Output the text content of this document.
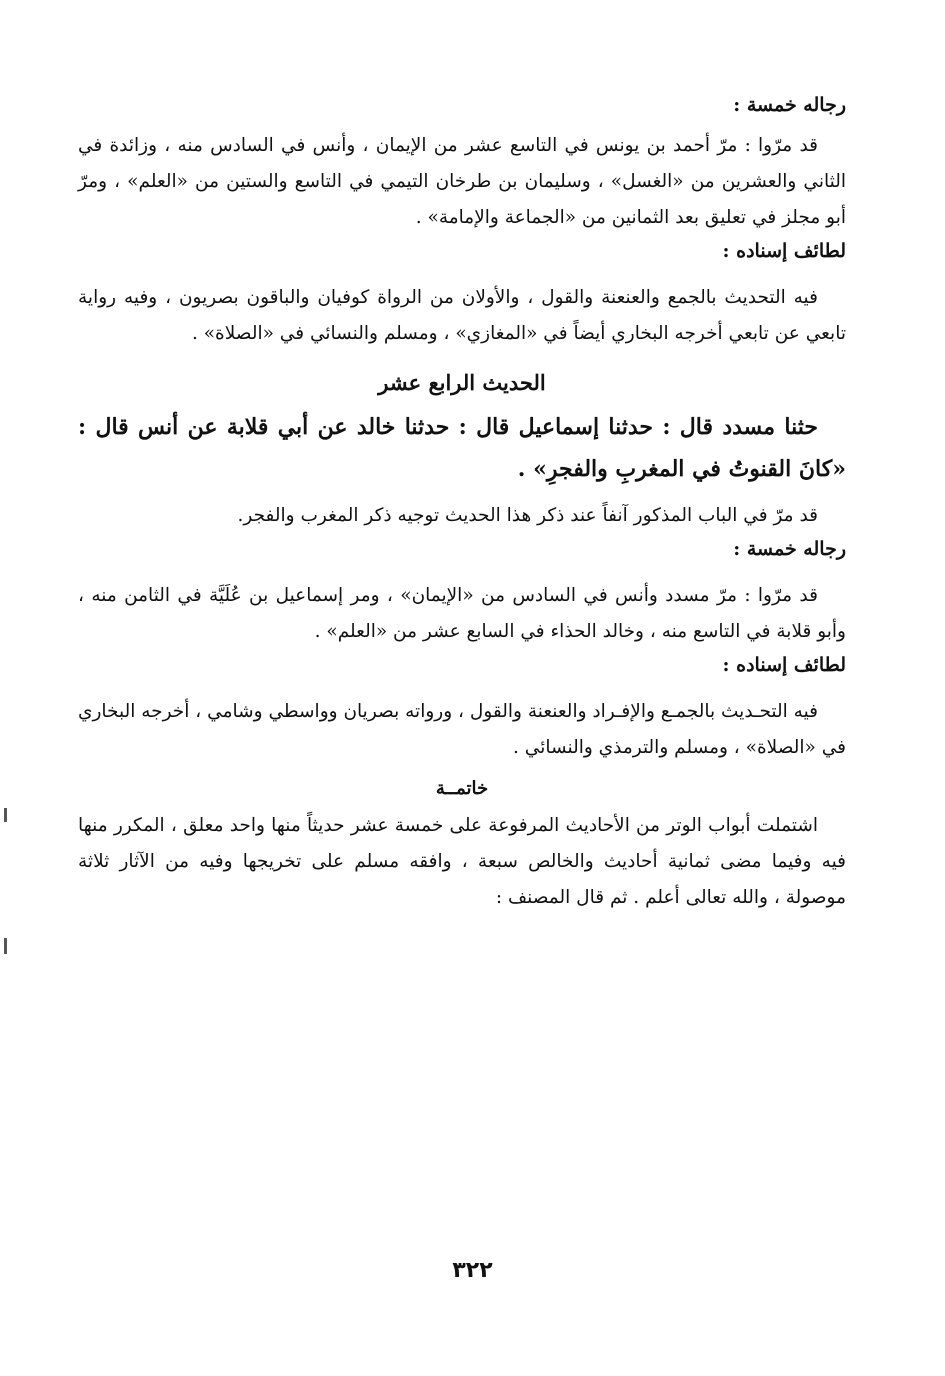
رجاله خمسة :

قد مرّوا : مرّ أحمد بن يونس في التاسع عشر من الإيمان ، وأنس في السادس منه ، وزائدة في الثاني والعشرين من «الغسل» ، وسليمان بن طرخان التيمي في التاسع والستين من «العلم» ، ومرّ أبو مجلز في تعليق بعد الثمانين من «الجماعة والإمامة» .

لطائف إسناده :

فيه التحديث بالجمع والعنعنة والقول ، والأولان من الرواة كوفيان والباقون بصريون ، وفيه رواية تابعي عن تابعي أخرجه البخاري أيضاً في «المغازي» ، ومسلم والنسائي في «الصلاة» .

الحديث الرابع عشر

حثنا مسدد قال : حدثنا إسماعيل قال : حدثنا خالد عن أبي قلابة عن أنس قال : «كانَ القنوتُ في المغربِ والفجرِ» .

قد مرّ في الباب المذكور آنفاً عند ذكر هذا الحديث توجيه ذكر المغرب والفجر.

رجاله خمسة :

قد مرّوا : مرّ مسدد وأنس في السادس من «الإيمان» ، ومر إسماعيل بن عُلَيَّة في الثامن منه ، وأبو قلابة في التاسع منه ، وخالد الحذاء في السابع عشر من «العلم» .

لطائف إسناده :

فيه التحـديث بالجمـع والإفـراد والعنعنة والقول ، ورواته بصريان وواسطي وشامي ، أخرجه البخاري في «الصلاة» ، ومسلم والترمذي والنسائي .

خاتمــة

اشتملت أبواب الوتر من الأحاديث المرفوعة على خمسة عشر حديثاً منها واحد معلق ، المكرر منها فيه وفيما مضى ثمانية أحاديث والخالص سبعة ، وافقه مسلم على تخريجها وفيه من الآثار ثلاثة موصولة ، والله تعالى أعلم . ثم قال المصنف :

٣٢٢
